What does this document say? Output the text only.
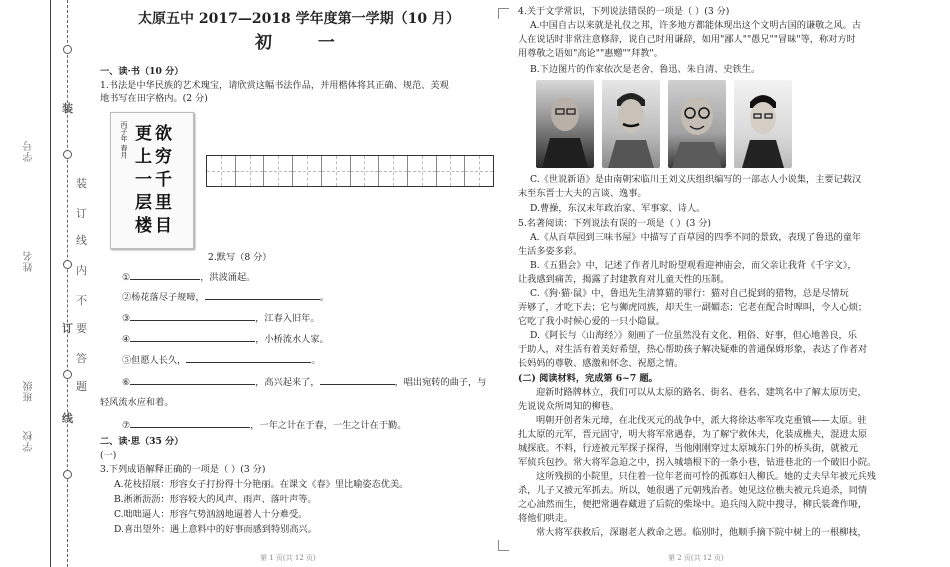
学号
姓名
班级
学校
装
订
线
内
不
要
答
题
装
订
线
太原五中 2017—2018 学年度第一学期（10 月）
初 一
一、读·书（10 分）
1.书法是中华民族的艺术瑰宝，请欣赏这幅书法作品，并用楷体将其正确、规范、美观
地书写在田字格内。(2 分)
欲
穷
千
里
目
更
上
一
层
楼
丙子年 春月
2.默写（8 分）
①	，洪波涌起。
②杨花落尽子规啼，	。
③	，江春入旧年。
④	，小桥流水人家。
⑤但愿人长久，	。
⑥	，高兴起来了，	，唱出宛转的曲子，与
轻风流水应和着。
⑦	，一年之计在于春，一生之计在于勤。
二、读·思（35 分）
(一)
3.下列成语解释正确的一项是（ ）(3 分)
A.花枝招展：形容女子打扮得十分艳丽。在课文《春》里比喻姿态优美。
B.淅淅沥沥：形容较大的风声、雨声、落叶声等。
C.咄咄逼人：形容气势汹汹地逼着人十分难受。
D.喜出望外：遇上意料中的好事而感到特别高兴。
第 1 页(共 12 页)
4.关于文学常识，下列说法错误的一项是（ ）(3 分)
A.中国自古以来就是礼仪之邦，许多地方都能体现出这个文明古国的谦敬之风。古
人在说话时非常注意修辞，说自己时用谦辞，如用"鄙人""愚兄""冒昧"等，称对方时
用尊敬之语如"高论""惠赠""拜教"。
B.下边图片的作家依次是老舍、鲁迅、朱自清、史铁生。
C.《世说新语》是由南朝宋临川王刘义庆组织编写的一部志人小说集，主要记载汉
末至东晋士大夫的言谈、逸事。
D.曹操，东汉末年政治家、军事家、诗人。
5.名著阅读：下列说法有误的一项是（ ）(3 分)
A.《从百草园到三味书屋》中描写了百草园的四季不同的景致，表现了鲁迅的童年
生活多姿多彩。
B.《五猖会》中，记述了作者儿时盼望观看迎神庙会，而父亲让我背《千字文》，
让我感到痛苦，揭露了封建教育对儿童天性的压制。
C.《狗·猫·鼠》中，鲁迅先生清算猫的罪行：猫对自己捉到的猎物，总是尽情玩
弄够了，才吃下去；它与狮虎同族，却天生一副媚态；它老在配合时嗥叫，令人心烦；
它吃了我小时候心爱的一只小隐鼠。
D.《阿长与〈山海经〉》刻画了一位虽然没有文化、粗俗、好事，但心地善良，乐
于助人，对生活有着美好希望，热心帮助孩子解决疑难的普通保姆形象，表达了作者对
长妈妈的尊敬、感激和怀念、祝愿之情。
(二) 阅读材料，完成第 6~7 题。
迎新时路牌林立，我们可以从太原的路名、街名、巷名、建筑名中了解太原历史，
先说说众所周知的柳巷。
明朝开创者朱元璋，在北伐灭元的战争中，派大将徐达率军攻克重镇——太原。驻
扎太原的元军，晋元固守，明大将军常遇春，为了解宁救休夫，化装成樵夫，混进太原
城探底。不料，行迹被元军探子探得，当他刚刚穿过太原城东门外的桥头街，就被元
军侦兵包抄。常大将军急迫之中，拐入城墙根下的一条小巷，钻进巷北的一个破旧小院。
这所残损的小院里，只住着一位年老而可怜的孤寡妇人柳氏。她的丈夫早年被元兵残
杀，儿子又被元军抓去。所以，她很遇了元朝残治者。她见这位樵夫被元兵追杀，同情
之心油然而生，便把常遇春藏进了后院的柴垛中。追兵闯入院中搜寻，柳氏装聋作哑，
将他们哄走。
常大将军获救后，深谢老人救命之恩。临别时，他顺手摘下院中树上的一根柳枝，
第 2 页(共 12 页)
